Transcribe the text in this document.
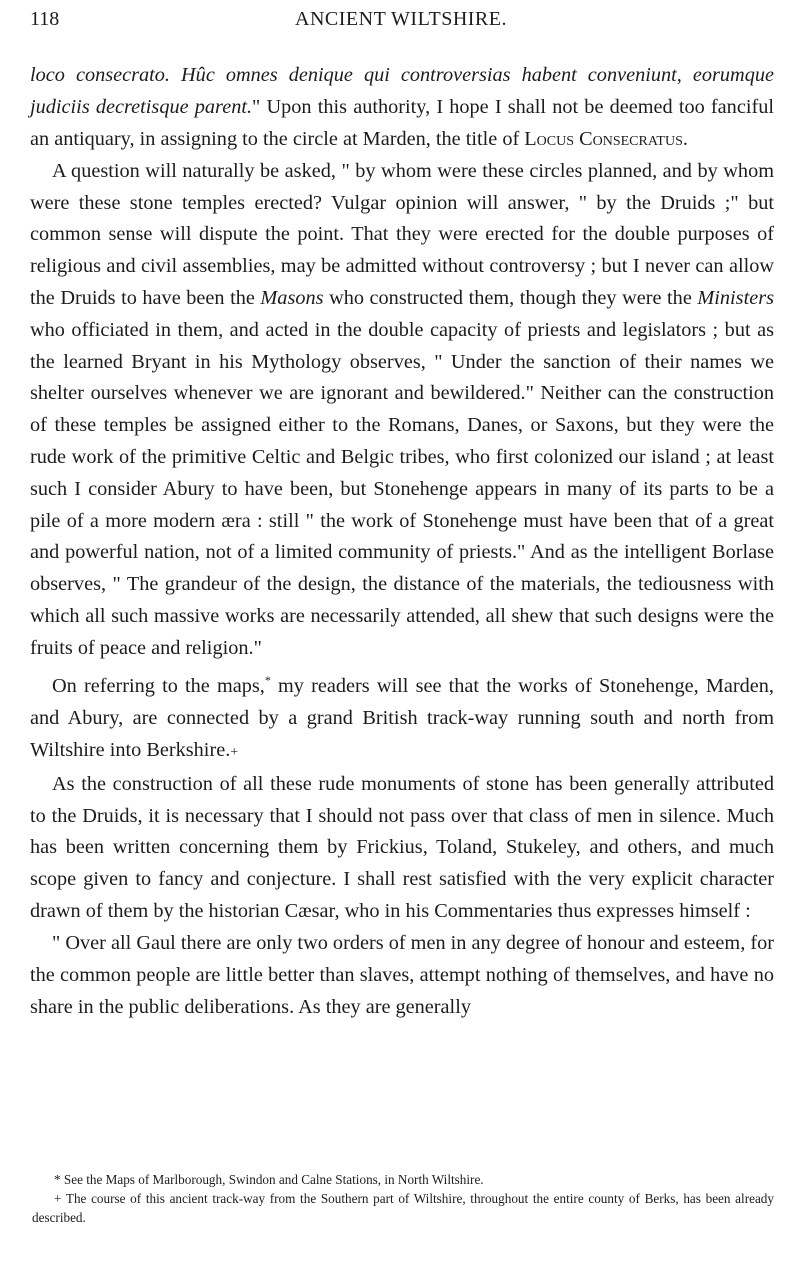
118	ANCIENT WILTSHIRE.

loco consecrato. Hûc omnes denique qui controversias habent conveniunt, eorumque judiciis decretisque parent." Upon this authority, I hope I shall not be deemed too fanciful an antiquary, in assigning to the circle at Marden, the title of Locus Consecratus.

A question will naturally be asked, " by whom were these circles planned, and by whom were these stone temples erected? Vulgar opinion will answer, " by the Druids ;" but common sense will dispute the point. That they were erected for the double purposes of religious and civil assemblies, may be admitted without controversy ; but I never can allow the Druids to have been the Masons who constructed them, though they were the Ministers who officiated in them, and acted in the double capacity of priests and legislators ; but as the learned Bryant in his Mythology observes, " Under the sanction of their names we shelter ourselves whenever we are ignorant and bewildered." Neither can the construction of these temples be assigned either to the Romans, Danes, or Saxons, but they were the rude work of the primitive Celtic and Belgic tribes, who first colonized our island ; at least such I consider Abury to have been, but Stonehenge appears in many of its parts to be a pile of a more modern æra : still " the work of Stonehenge must have been that of a great and powerful nation, not of a limited community of priests." And as the intelligent Borlase observes, " The grandeur of the design, the distance of the materials, the tediousness with which all such massive works are necessarily attended, all shew that such designs were the fruits of peace and religion."

On referring to the maps,* my readers will see that the works of Stonehenge, Marden, and Abury, are connected by a grand British track-way running south and north from Wiltshire into Berkshire.+

As the construction of all these rude monuments of stone has been generally attributed to the Druids, it is necessary that I should not pass over that class of men in silence. Much has been written concerning them by Frickius, Toland, Stukeley, and others, and much scope given to fancy and conjecture. I shall rest satisfied with the very explicit character drawn of them by the historian Cæsar, who in his Commentaries thus expresses himself :

" Over all Gaul there are only two orders of men in any degree of honour and esteem, for the common people are little better than slaves, attempt nothing of themselves, and have no share in the public deliberations. As they are generally

* See the Maps of Marlborough, Swindon and Calne Stations, in North Wiltshire.

+ The course of this ancient track-way from the Southern part of Wiltshire, throughout the entire county of Berks, has been already described.
